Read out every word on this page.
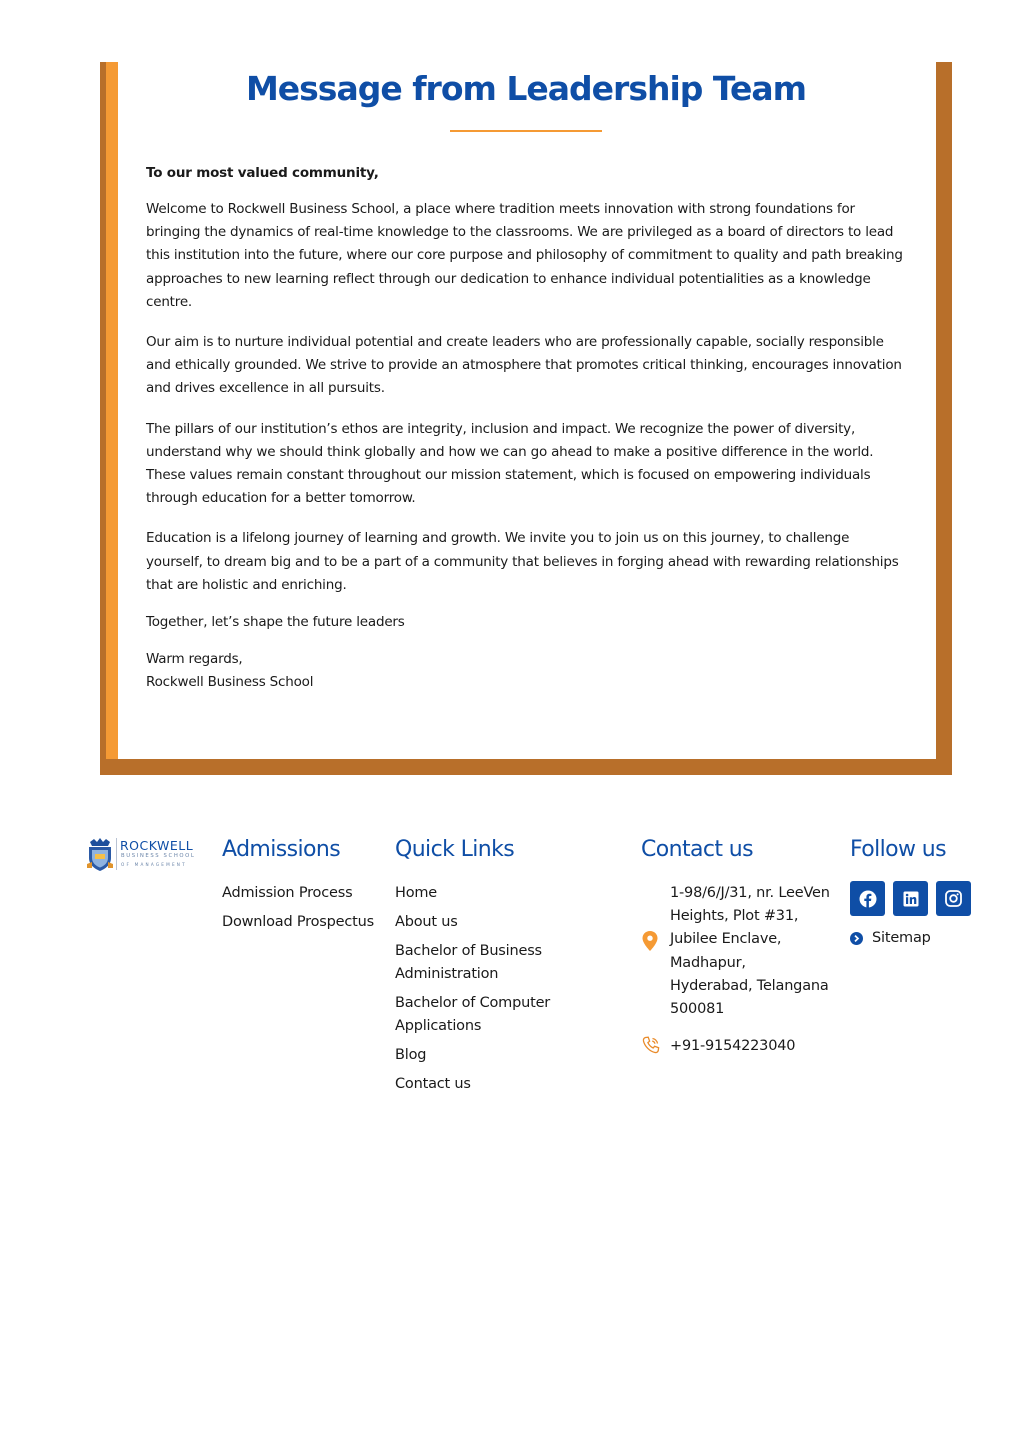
Message from Leadership Team

To our most valued community,

Welcome to Rockwell Business School, a place where tradition meets innovation with strong foundations for bringing the dynamics of real-time knowledge to the classrooms. We are privileged as a board of directors to lead this institution into the future, where our core purpose and philosophy of commitment to quality and path breaking approaches to new learning reflect through our dedication to enhance individual potentialities as a knowledge centre.

Our aim is to nurture individual potential and create leaders who are professionally capable, socially responsible and ethically grounded. We strive to provide an atmosphere that promotes critical thinking, encourages innovation and drives excellence in all pursuits.

The pillars of our institution’s ethos are integrity, inclusion and impact. We recognize the power of diversity, understand why we should think globally and how we can go ahead to make a positive difference in the world. These values remain constant throughout our mission statement, which is focused on empowering individuals through education for a better tomorrow.

Education is a lifelong journey of learning and growth. We invite you to join us on this journey, to challenge yourself, to dream big and to be a part of a community that believes in forging ahead with rewarding relationships that are holistic and enriching.

Together, let’s shape the future leaders

Warm regards,
Rockwell Business School
ROCKWELL
BUSINESS SCHOOL
OF MANAGEMENT
Admissions
Admission Process
Download Prospectus
Quick Links
Home
About us
Bachelor of Business Administration
Bachelor of Computer Applications
Blog
Contact us
Contact us
1-98/6/J/31, nr. LeeVen Heights, Plot #31, Jubilee Enclave, Madhapur, Hyderabad, Telangana 500081
+91-9154223040
Follow us
Sitemap
